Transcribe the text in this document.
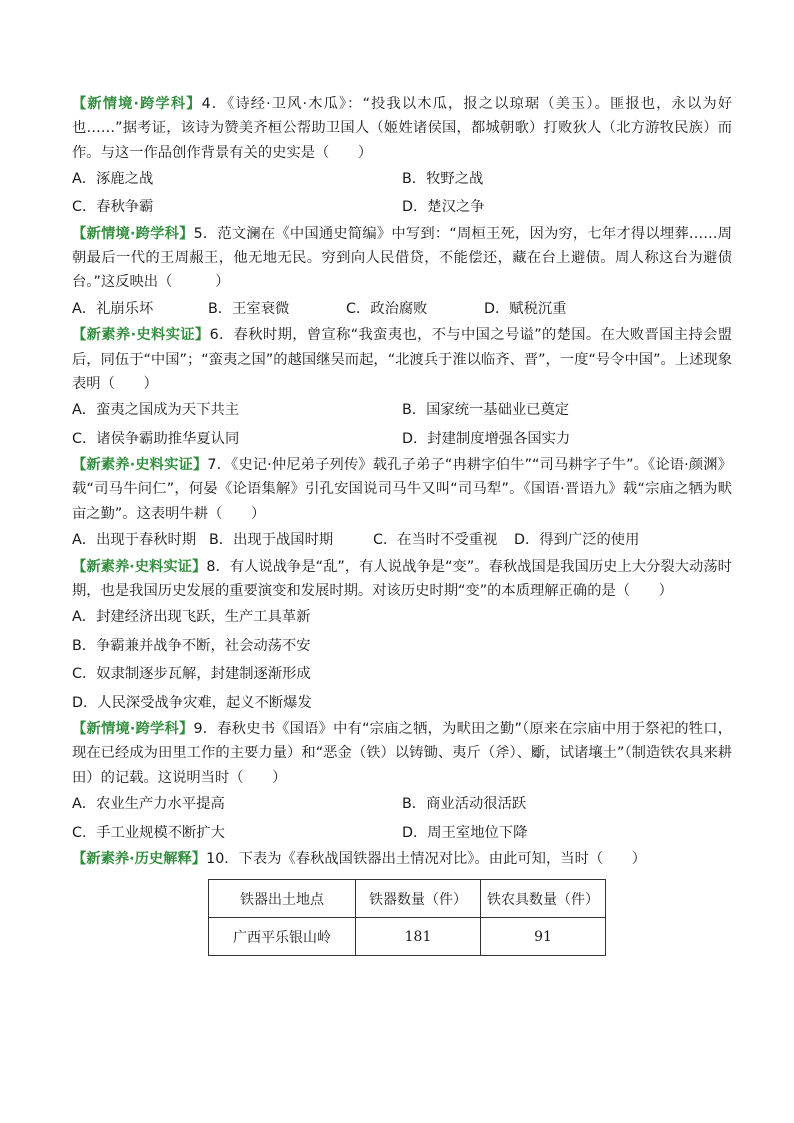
【新情境·跨学科】4．《诗经·卫风·木瓜》：“投我以木瓜，报之以琼琚（美玉）。匪报也，永以为好也……”据考证，该诗为赞美齐桓公帮助卫国人（姬姓诸侯国，都城朝歌）打败狄人（北方游牧民族）而作。与这一作品创作背景有关的史实是（　　）

A．涿鹿之战	B．牧野之战
C．春秋争霸	D．楚汉之争

【新情境·跨学科】5．范文澜在《中国通史简编》中写到：“周桓王死，因为穷，七年才得以埋葬……周朝最后一代的王周赧王，他无地无民。穷到向人民借贷，不能偿还，藏在台上避债。周人称这台为避债台。”这反映出（　　　）

A．礼崩乐坏	B．王室衰微	C．政治腐败	D．赋税沉重

【新素养·史料实证】6．春秋时期，曾宣称“我蛮夷也，不与中国之号谥”的楚国。在大败晋国主持会盟后，同伍于“中国”；“蛮夷之国”的越国继吴而起，“北渡兵于淮以临齐、晋”，一度“号令中国”。上述现象表明（　　）

A．蛮夷之国成为天下共主	B．国家统一基础业已奠定
C．诸侯争霸助推华夏认同	D．封建制度增强各国实力

【新素养·史料实证】7．《史记·仲尼弟子列传》载孔子弟子“冉耕字伯牛”“司马耕字子牛”。《论语·颜渊》载“司马牛问仁”，何晏《论语集解》引孔安国说司马牛又叫“司马犁”。《国语·晋语九》载“宗庙之牺为畎亩之勤”。这表明牛耕（　　）

A．出现于春秋时期 B．出现于战国时期	C．在当时不受重视	D．得到广泛的使用

【新素养·史料实证】8．有人说战争是“乱”，有人说战争是“变”。春秋战国是我国历史上大分裂大动荡时期，也是我国历史发展的重要演变和发展时期。对该历史时期“变”的本质理解正确的是（　　）

A．封建经济出现飞跃，生产工具革新
B．争霸兼并战争不断，社会动荡不安
C．奴隶制逐步瓦解，封建制逐渐形成
D．人民深受战争灾难，起义不断爆发

【新情境·跨学科】9．春秋史书《国语》中有“宗庙之牺，为畎田之勤”（原来在宗庙中用于祭祀的牲口，现在已经成为田里工作的主要力量）和“恶金（铁）以铸锄、夷斤（斧）、斸，试诸壤土”（制造铁农具来耕田）的记载。这说明当时（　　）

A．农业生产力水平提高	B．商业活动很活跃
C．手工业规模不断扩大	D．周王室地位下降

【新素养·历史解释】10．下表为《春秋战国铁器出土情况对比》。由此可知，当时（　　）

铁器出土地点	铁器数量（件）	铁农具数量（件）
广西平乐银山岭	181	91
